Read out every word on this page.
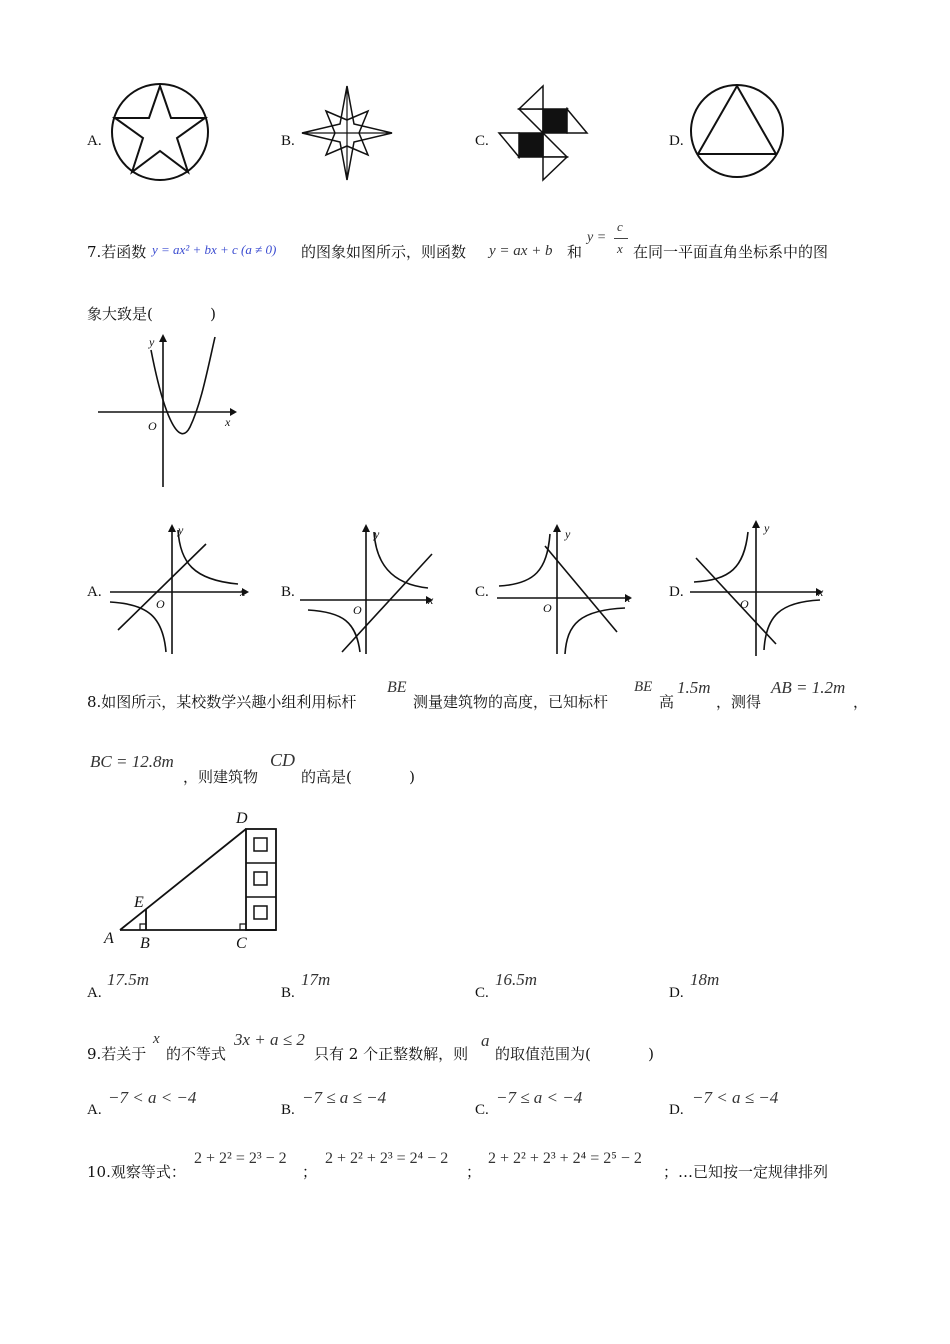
A.	B.	C.	D.
7.若函数 y = ax² + bx + c (a ≠ 0) 的图象如图所示，则函数 y = ax + b 和
y =
c
x 在同一平面直角坐标系中的图
象大致是(            )
x
y
O
A.	x
y
O
B.	x
y
O
C.	x
y
O
D.	x
y
O
8.如图所示，某校数学兴趣小组利用标杆
BE
测量建筑物的高度，已知标杆
BE
高
1.5m
，测得
AB = 1.2m
，
BC = 12.8m
，则建筑物
CD
的高是(            )
A B	C
D
E
A.
17.5m
B.
17m
C.
16.5m
D.
18m
9.若关于
x
的不等式
3x + a ≤ 2
只有 2 个正整数解，则
a
的取值范围为(            )
A.
−7 < a < −4
B.
−7 ≤ a ≤ −4
C.
−7 ≤ a < −4
D.
−7 < a ≤ −4
10.观察等式：
2 + 2² = 2³ − 2
；
2 + 2² + 2³ = 2⁴ − 2
；
2 + 2² + 2³ + 2⁴ = 2⁵ − 2
；…已知按一定规律排列
